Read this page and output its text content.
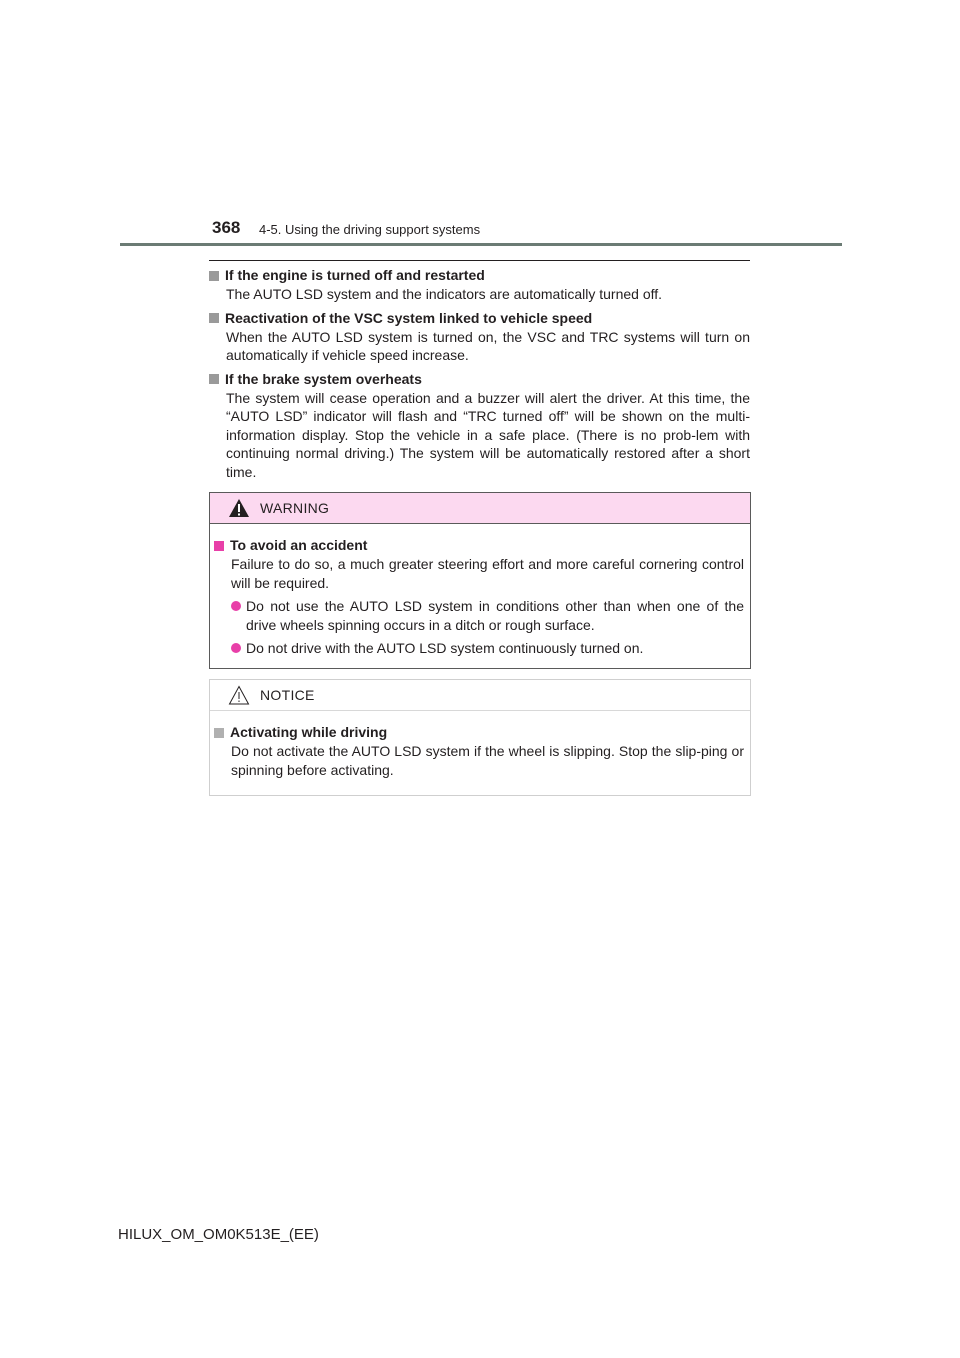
368 4-5. Using the driving support systems
If the engine is turned off and restarted
The AUTO LSD system and the indicators are automatically turned off.
Reactivation of the VSC system linked to vehicle speed
When the AUTO LSD system is turned on, the VSC and TRC systems will turn on automatically if vehicle speed increase.
If the brake system overheats
The system will cease operation and a buzzer will alert the driver. At this time, the “AUTO LSD” indicator will flash and “TRC turned off” will be shown on the multi-information display. Stop the vehicle in a safe place. (There is no prob-lem with continuing normal driving.) The system will be automatically restored after a short time.
WARNING
To avoid an accident
Failure to do so, a much greater steering effort and more careful cornering control will be required.
Do not use the AUTO LSD system in conditions other than when one of the drive wheels spinning occurs in a ditch or rough surface.
Do not drive with the AUTO LSD system continuously turned on.
NOTICE
Activating while driving
Do not activate the AUTO LSD system if the wheel is slipping. Stop the slip-ping or spinning before activating.
HILUX_OM_OM0K513E_(EE)
